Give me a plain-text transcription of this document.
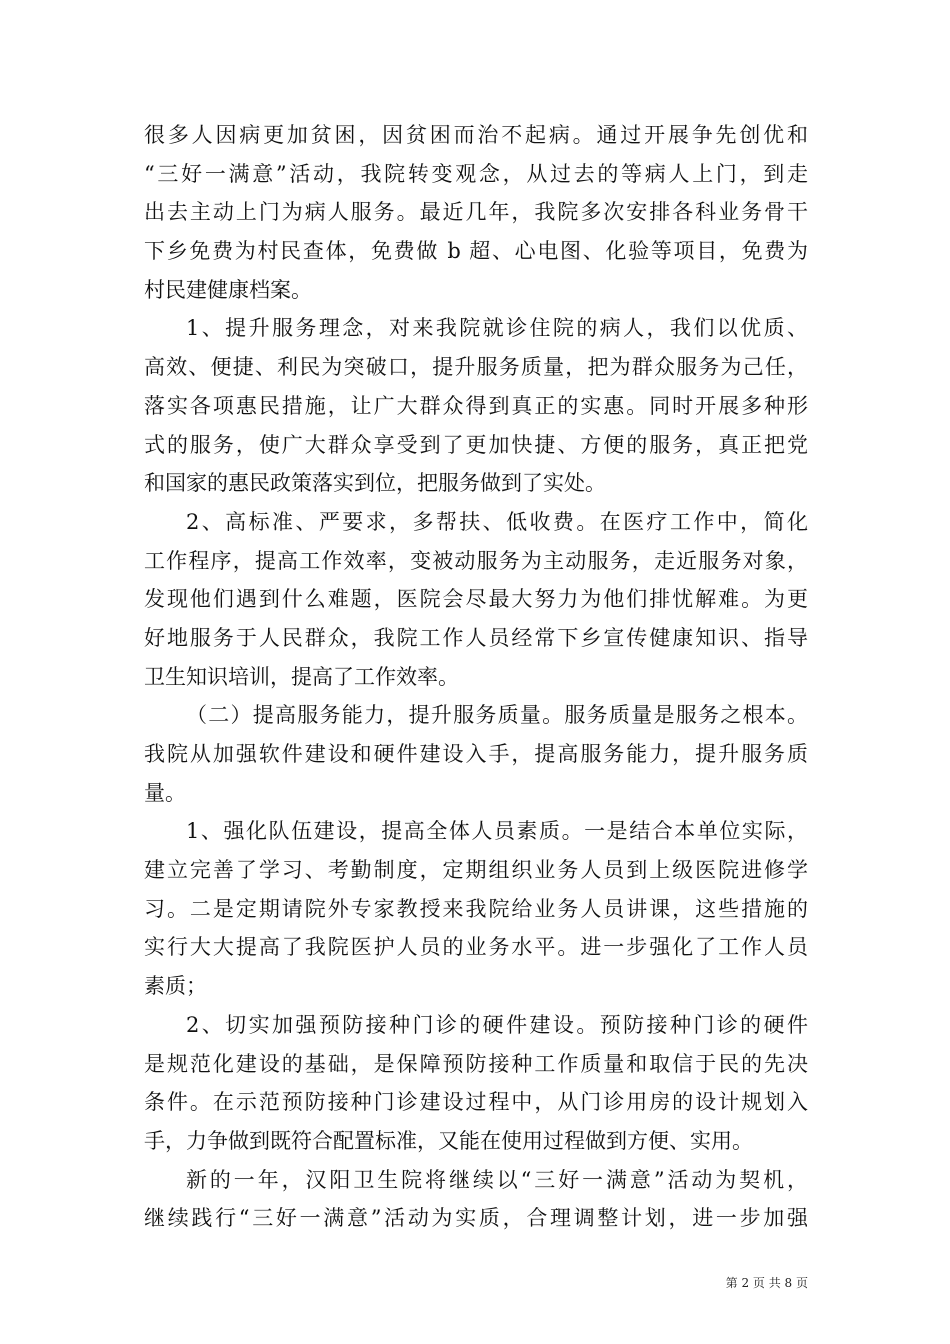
很多人因病更加贫困，因贫困而治不起病。通过开展争先创优和
“三好一满意”活动，我院转变观念，从过去的等病人上门，到走
出去主动上门为病人服务。最近几年，我院多次安排各科业务骨干
下乡免费为村民查体，免费做 b 超、心电图、化验等项目，免费为
村民建健康档案。
1、提升服务理念，对来我院就诊住院的病人，我们以优质、
高效、便捷、利民为突破口，提升服务质量，把为群众服务为己任，
落实各项惠民措施，让广大群众得到真正的实惠。同时开展多种形
式的服务，使广大群众享受到了更加快捷、方便的服务，真正把党
和国家的惠民政策落实到位，把服务做到了实处。
2、高标准、严要求，多帮扶、低收费。在医疗工作中，简化
工作程序，提高工作效率，变被动服务为主动服务，走近服务对象，
发现他们遇到什么难题，医院会尽最大努力为他们排忧解难。为更
好地服务于人民群众，我院工作人员经常下乡宣传健康知识、指导
卫生知识培训，提高了工作效率。
（二）提高服务能力，提升服务质量。服务质量是服务之根本。
我院从加强软件建设和硬件建设入手，提高服务能力，提升服务质
量。
1、强化队伍建设，提高全体人员素质。一是结合本单位实际，
建立完善了学习、考勤制度，定期组织业务人员到上级医院进修学
习。二是定期请院外专家教授来我院给业务人员讲课，这些措施的
实行大大提高了我院医护人员的业务水平。进一步强化了工作人员
素质；
2、切实加强预防接种门诊的硬件建设。预防接种门诊的硬件
是规范化建设的基础，是保障预防接种工作质量和取信于民的先决
条件。在示范预防接种门诊建设过程中，从门诊用房的设计规划入
手，力争做到既符合配置标准，又能在使用过程做到方便、实用。
新的一年，汉阳卫生院将继续以“三好一满意”活动为契机，
继续践行“三好一满意”活动为实质，合理调整计划，进一步加强
第 2 页 共 8 页
